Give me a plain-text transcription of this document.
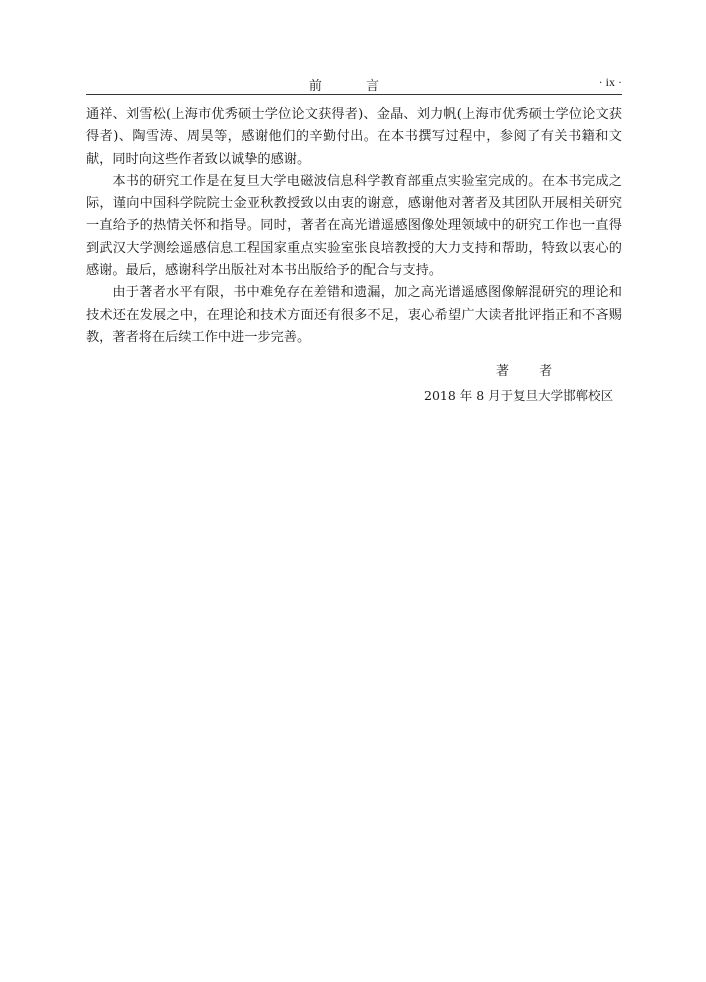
前 言	· ix ·

通祥、刘雪松(上海市优秀硕士学位论文获得者)、金晶、刘力帆(上海市优秀硕士学位论文获得者)、陶雪涛、周昊等，感谢他们的辛勤付出。在本书撰写过程中，参阅了有关书籍和文献，同时向这些作者致以诚挚的感谢。

本书的研究工作是在复旦大学电磁波信息科学教育部重点实验室完成的。在本书完成之际，谨向中国科学院院士金亚秋教授致以由衷的谢意，感谢他对著者及其团队开展相关研究一直给予的热情关怀和指导。同时，著者在高光谱遥感图像处理领域中的研究工作也一直得到武汉大学测绘遥感信息工程国家重点实验室张良培教授的大力支持和帮助，特致以衷心的感谢。最后，感谢科学出版社对本书出版给予的配合与支持。

由于著者水平有限，书中难免存在差错和遗漏，加之高光谱遥感图像解混研究的理论和技术还在发展之中，在理论和技术方面还有很多不足，衷心希望广大读者批评指正和不吝赐教，著者将在后续工作中进一步完善。

著 者
2018 年 8 月于复旦大学邯郸校区
